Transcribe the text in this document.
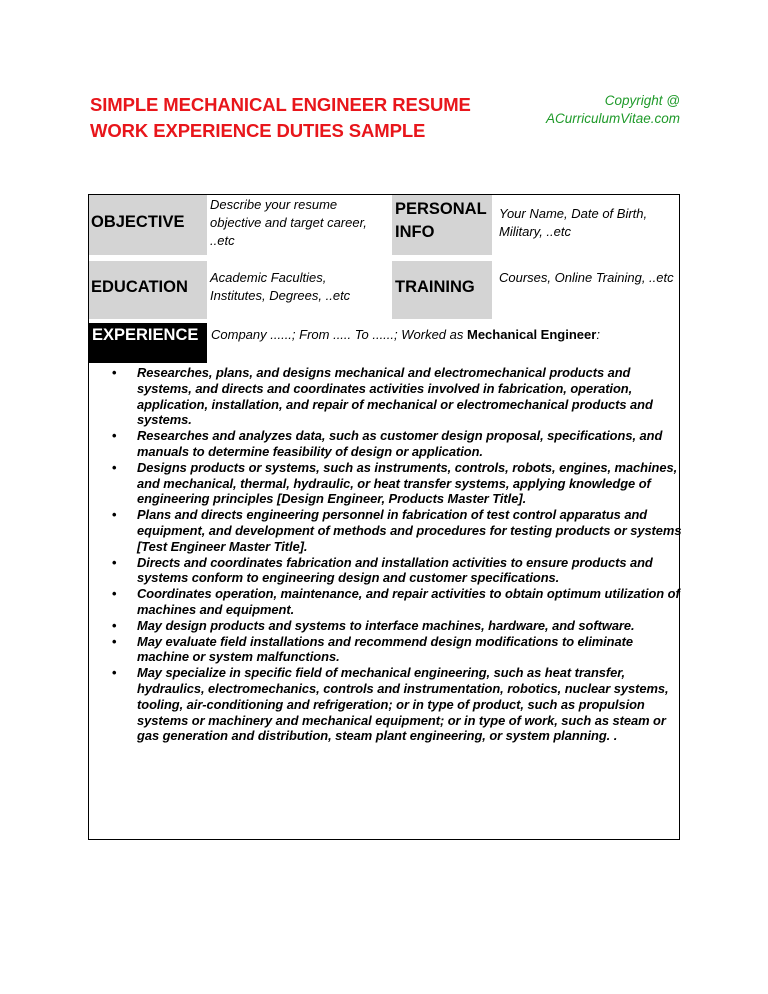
SIMPLE MECHANICAL ENGINEER RESUME
WORK EXPERIENCE DUTIES SAMPLE
Copyright @
ACurriculumVitae.com
OBJECTIVE
Describe your resume objective and target career, ..etc
PERSONAL
INFO
Your Name, Date of Birth, Military, ..etc
EDUCATION
Academic Faculties, Institutes, Degrees, ..etc	TRAINING
Courses, Online Training, ..etc
EXPERIENCE Company ......; From ..... To ......; Worked as Mechanical Engineer:
• Researches, plans, and designs mechanical and electromechanical products and systems, and directs and coordinates activities involved in fabrication, operation, application, installation, and repair of mechanical or electromechanical products and systems.
• Researches and analyzes data, such as customer design proposal, specifications, and manuals to determine feasibility of design or application.
• Designs products or systems, such as instruments, controls, robots, engines, machines, and mechanical, thermal, hydraulic, or heat transfer systems, applying knowledge of engineering principles [Design Engineer, Products Master Title].
• Plans and directs engineering personnel in fabrication of test control apparatus and equipment, and development of methods and procedures for testing products or systems [Test Engineer Master Title].
• Directs and coordinates fabrication and installation activities to ensure products and systems conform to engineering design and customer specifications.
• Coordinates operation, maintenance, and repair activities to obtain optimum utilization of machines and equipment.
• May design products and systems to interface machines, hardware, and software.
• May evaluate field installations and recommend design modifications to eliminate machine or system malfunctions.
• May specialize in specific field of mechanical engineering, such as heat transfer, hydraulics, electromechanics, controls and instrumentation, robotics, nuclear systems, tooling, air-conditioning and refrigeration; or in type of product, such as propulsion systems or machinery and mechanical equipment; or in type of work, such as steam or gas generation and distribution, steam plant engineering, or system planning. .
